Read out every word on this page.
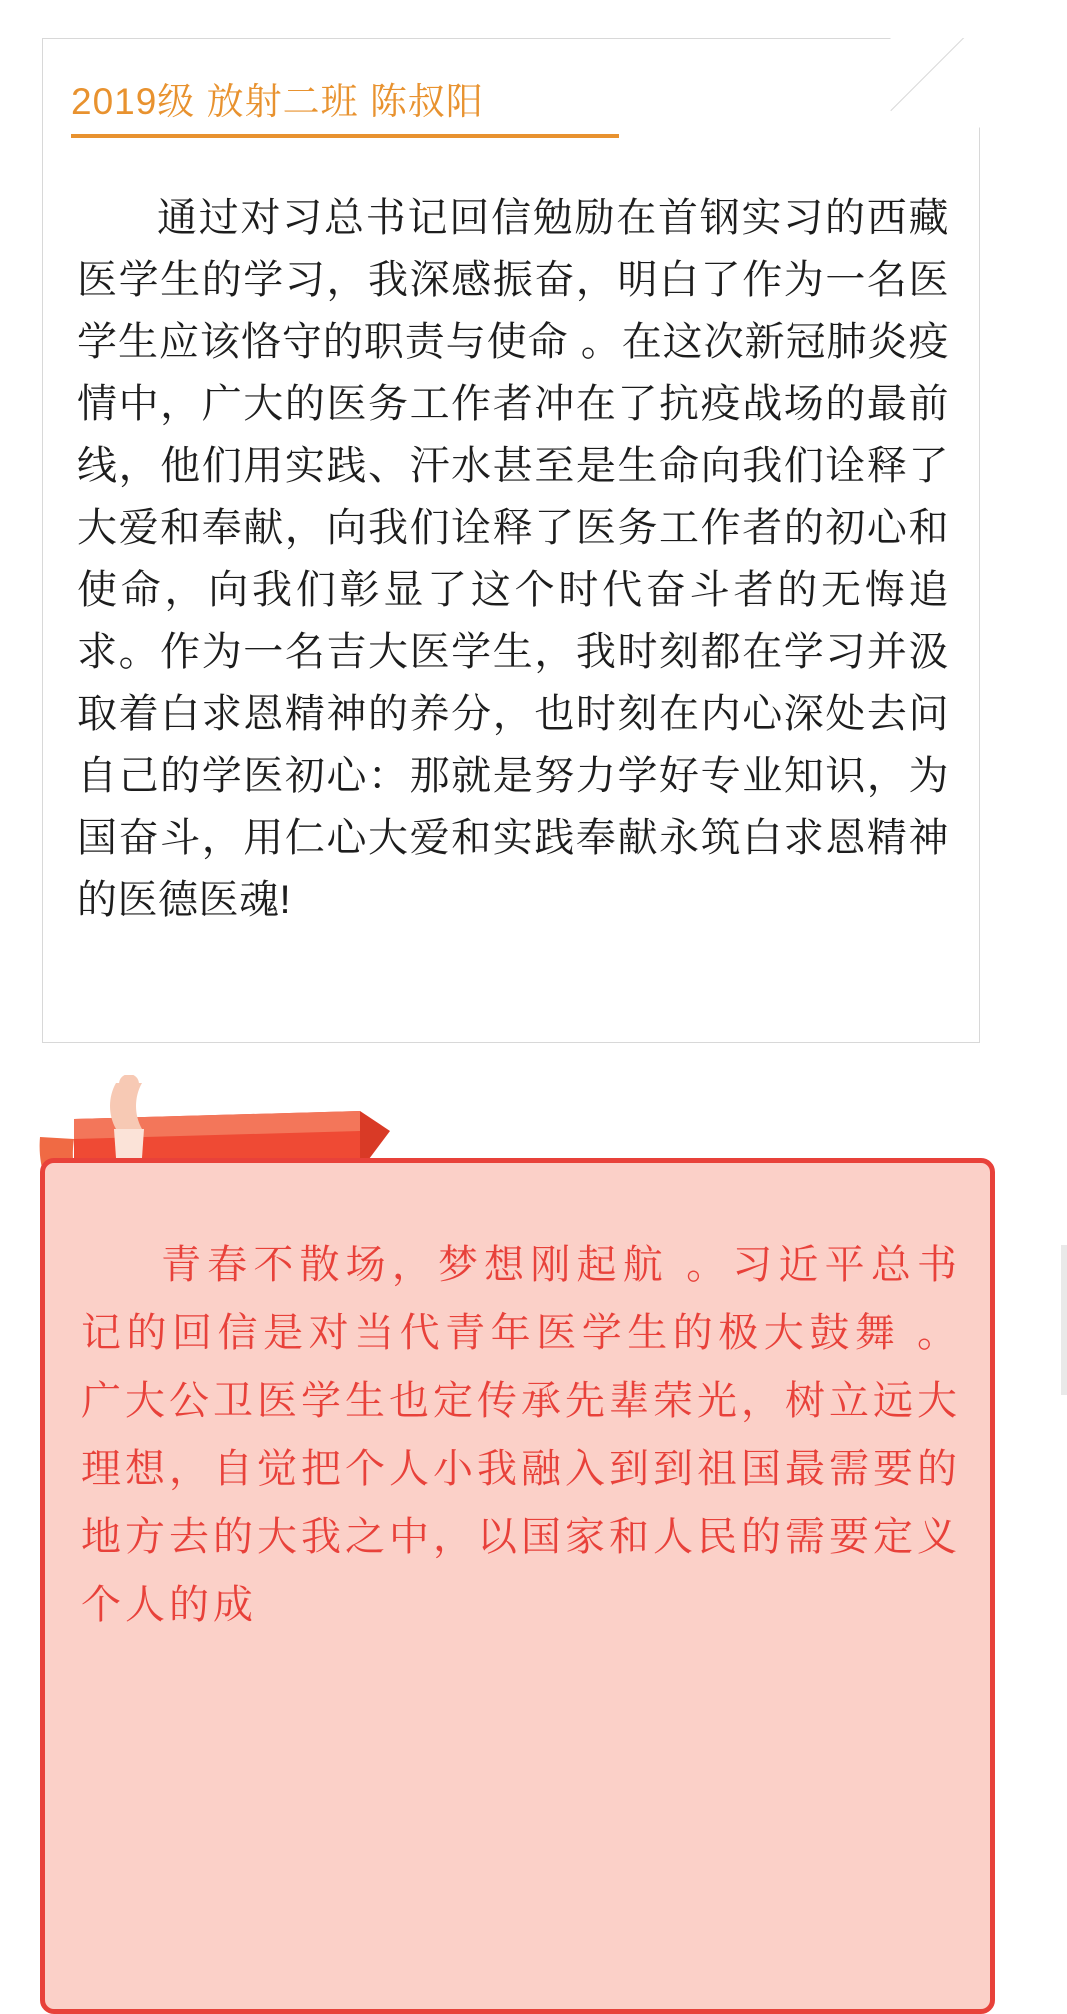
2019级 放射二班 陈叔阳
通过对习总书记回信勉励在首钢实习的西藏医学生的学习，我深感振奋，明白了作为一名医学生应该恪守的职责与使命 。在这次新冠肺炎疫情中，广大的医务工作者冲在了抗疫战场的最前线，他们用实践、汗水甚至是生命向我们诠释了大爱和奉献，向我们诠释了医务工作者的初心和使命，向我们彰显了这个时代奋斗者的无悔追求。作为一名吉大医学生，我时刻都在学习并汲取着白求恩精神的养分，也时刻在内心深处去问自己的学医初心：那就是努力学好专业知识，为国奋斗，用仁心大爱和实践奉献永筑白求恩精神的医德医魂!
青春不散场，梦想刚起航 。习近平总书记的回信是对当代青年医学生的极大鼓舞 。广大公卫医学生也定传承先辈荣光，树立远大理想，自觉把个人小我融入到到祖国最需要的地方去的大我之中，以国家和人民的需要定义个人的成
